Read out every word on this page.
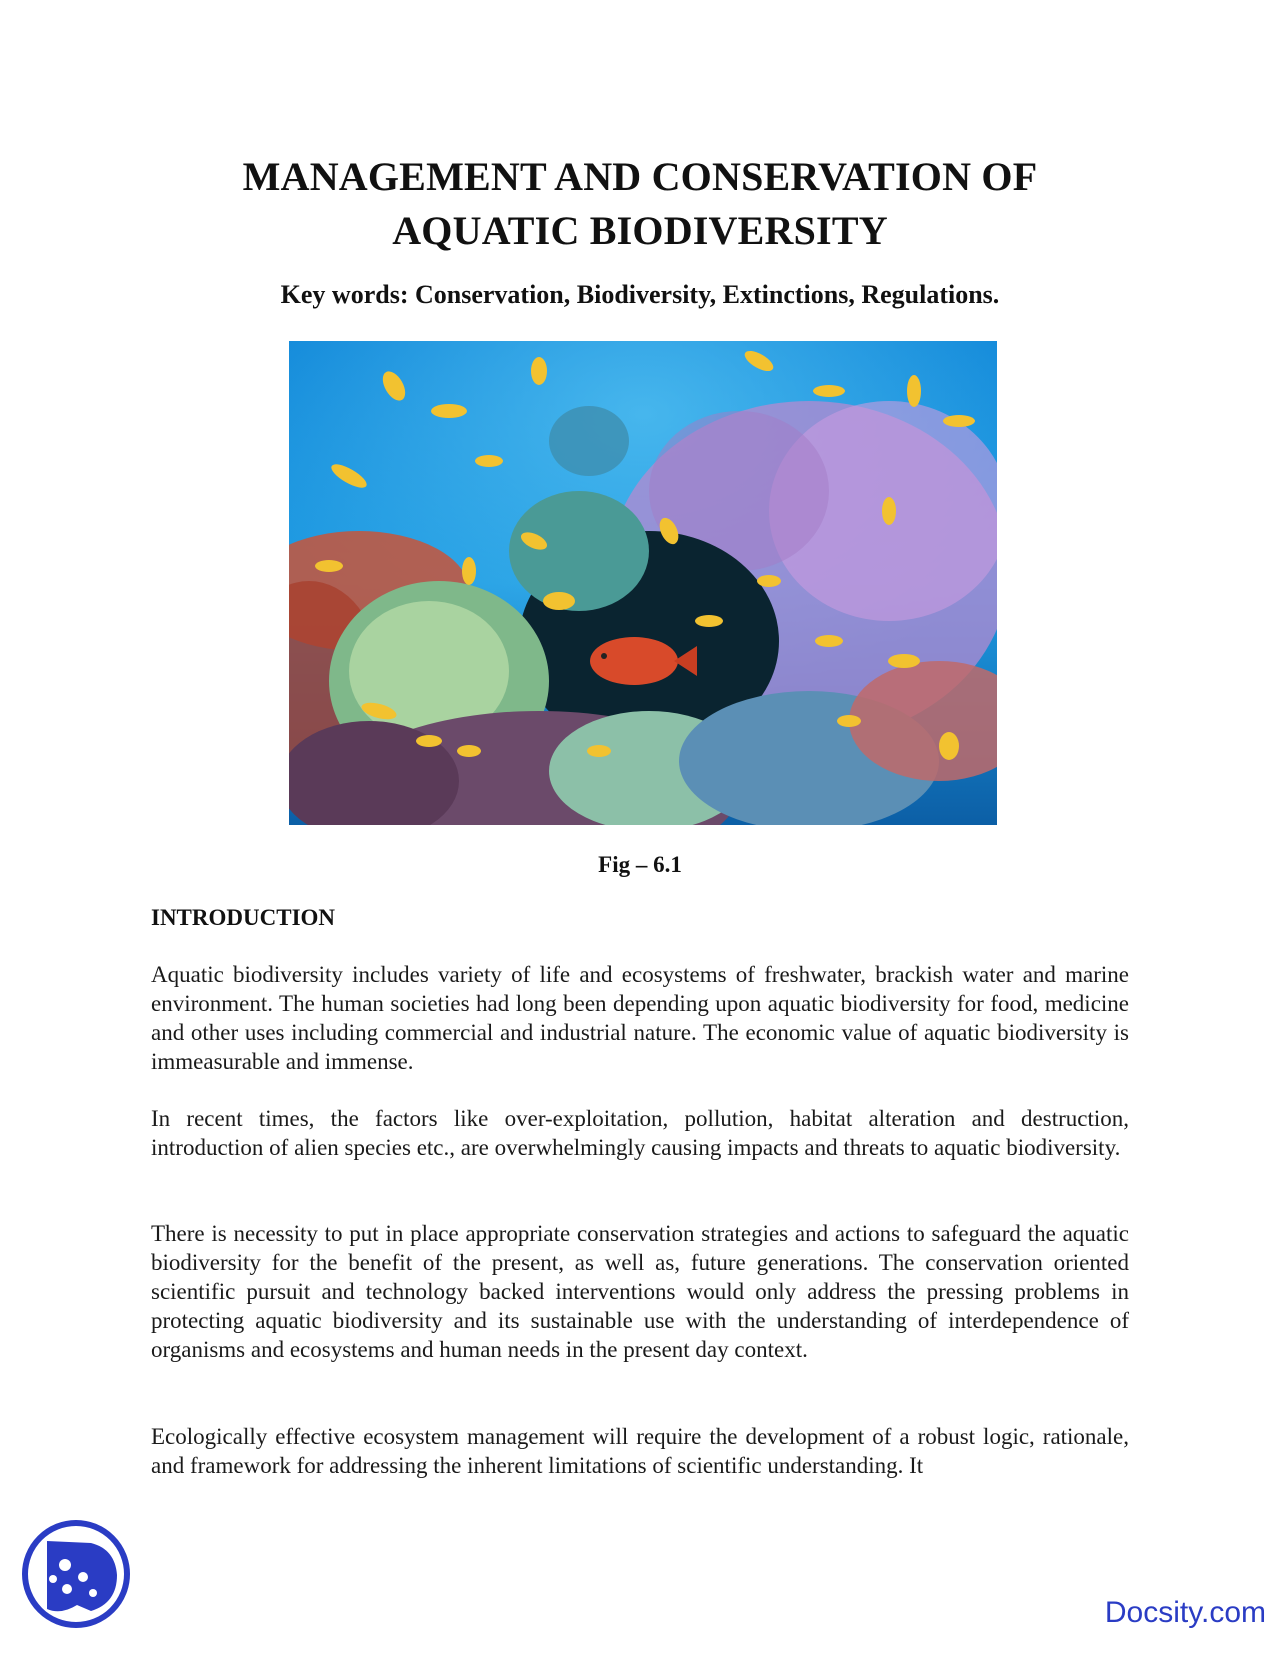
MANAGEMENT AND CONSERVATION OF
AQUATIC BIODIVERSITY
Key words: Conservation, Biodiversity, Extinctions, Regulations.
Fig – 6.1
INTRODUCTION

Aquatic biodiversity includes variety of life and ecosystems of freshwater, brackish water and marine environment. The human societies had long been depending upon aquatic biodiversity for food, medicine and other uses including commercial and industrial nature. The economic value of aquatic biodiversity is immeasurable and immense.

In recent times, the factors like over-exploitation, pollution, habitat alteration and destruction, introduction of alien species etc., are overwhelmingly causing impacts and threats to aquatic biodiversity.

There is necessity to put in place appropriate conservation strategies and actions to safeguard the aquatic biodiversity for the benefit of the present, as well as, future generations. The conservation oriented scientific pursuit and technology backed interventions would only address the pressing problems in protecting aquatic biodiversity and its sustainable use with the understanding of interdependence of organisms and ecosystems and human needs in the present day context.

Ecologically effective ecosystem management will require the development of a robust logic, rationale, and framework for addressing the inherent limitations of scientific understanding. It

Docsity.com
